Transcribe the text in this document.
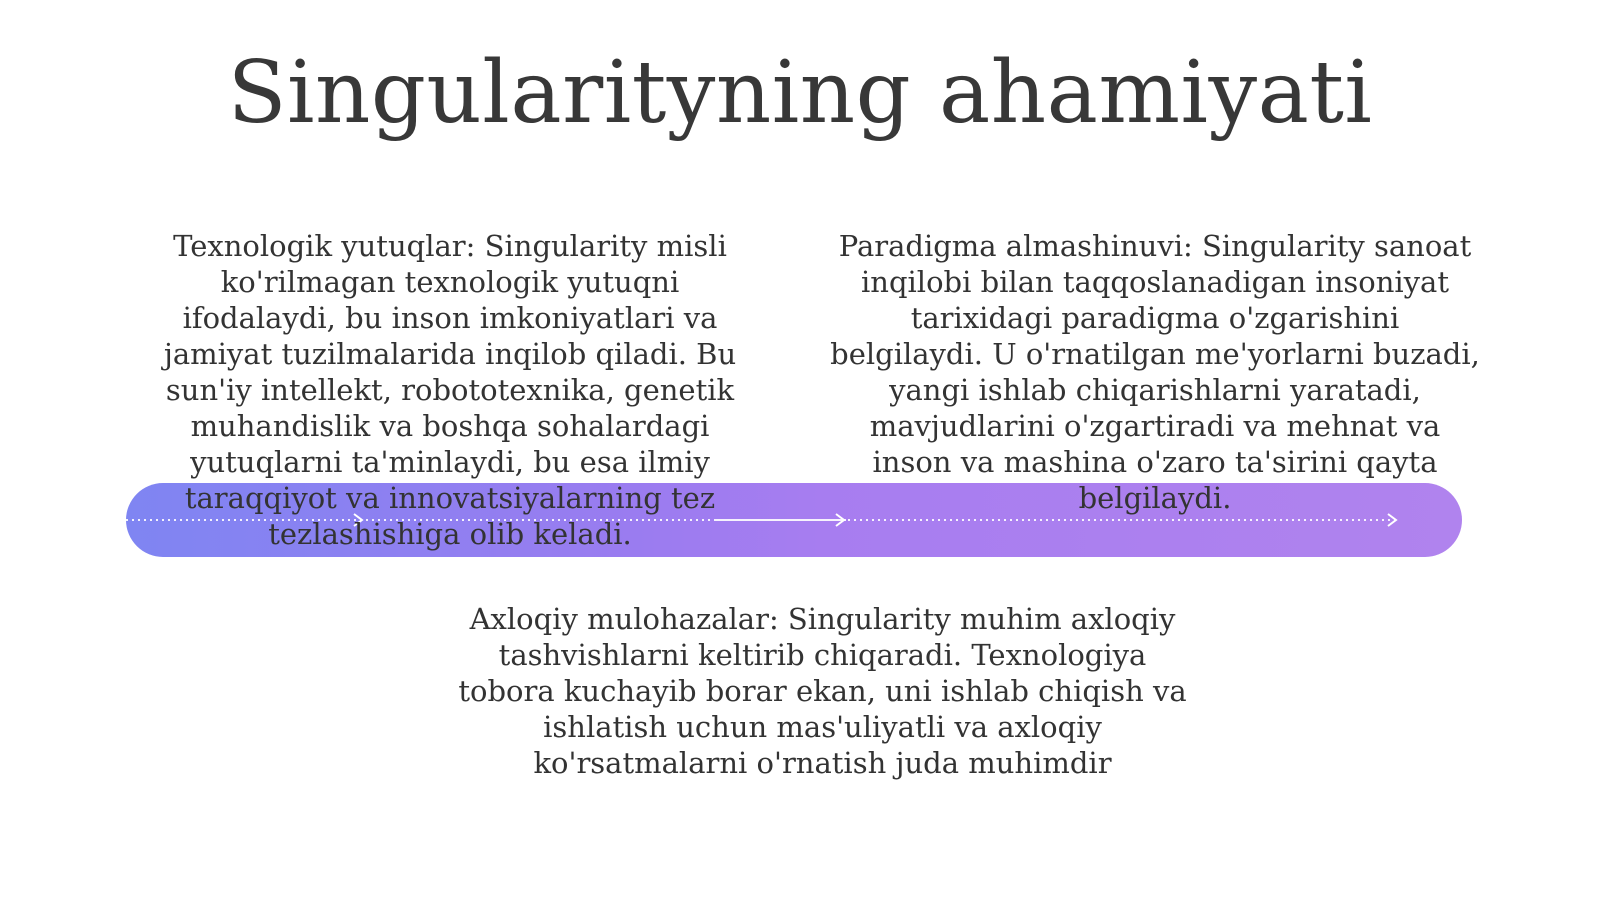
Singularityning ahamiyati

Texnologik yutuqlar: Singularity misli ko'rilmagan texnologik yutuqni ifodalaydi, bu inson imkoniyatlari va jamiyat tuzilmalarida inqilob qiladi. Bu sun'iy intellekt, robototexnika, genetik muhandislik va boshqa sohalardagi yutuqlarni ta'minlaydi, bu esa ilmiy taraqqiyot va innovatsiyalarning tez tezlashishiga olib keladi.

Paradigma almashinuvi: Singularity sanoat inqilobi bilan taqqoslanadigan insoniyat tarixidagi paradigma o'zgarishini belgilaydi. U o'rnatilgan me'yorlarni buzadi, yangi ishlab chiqarishlarni yaratadi, mavjudlarini o'zgartiradi va mehnat va inson va mashina o'zaro ta'sirini qayta belgilaydi.

Axloqiy mulohazalar: Singularity muhim axloqiy tashvishlarni keltirib chiqaradi. Texnologiya tobora kuchayib borar ekan, uni ishlab chiqish va ishlatish uchun mas'uliyatli va axloqiy ko'rsatmalarni o'rnatish juda muhimdir
